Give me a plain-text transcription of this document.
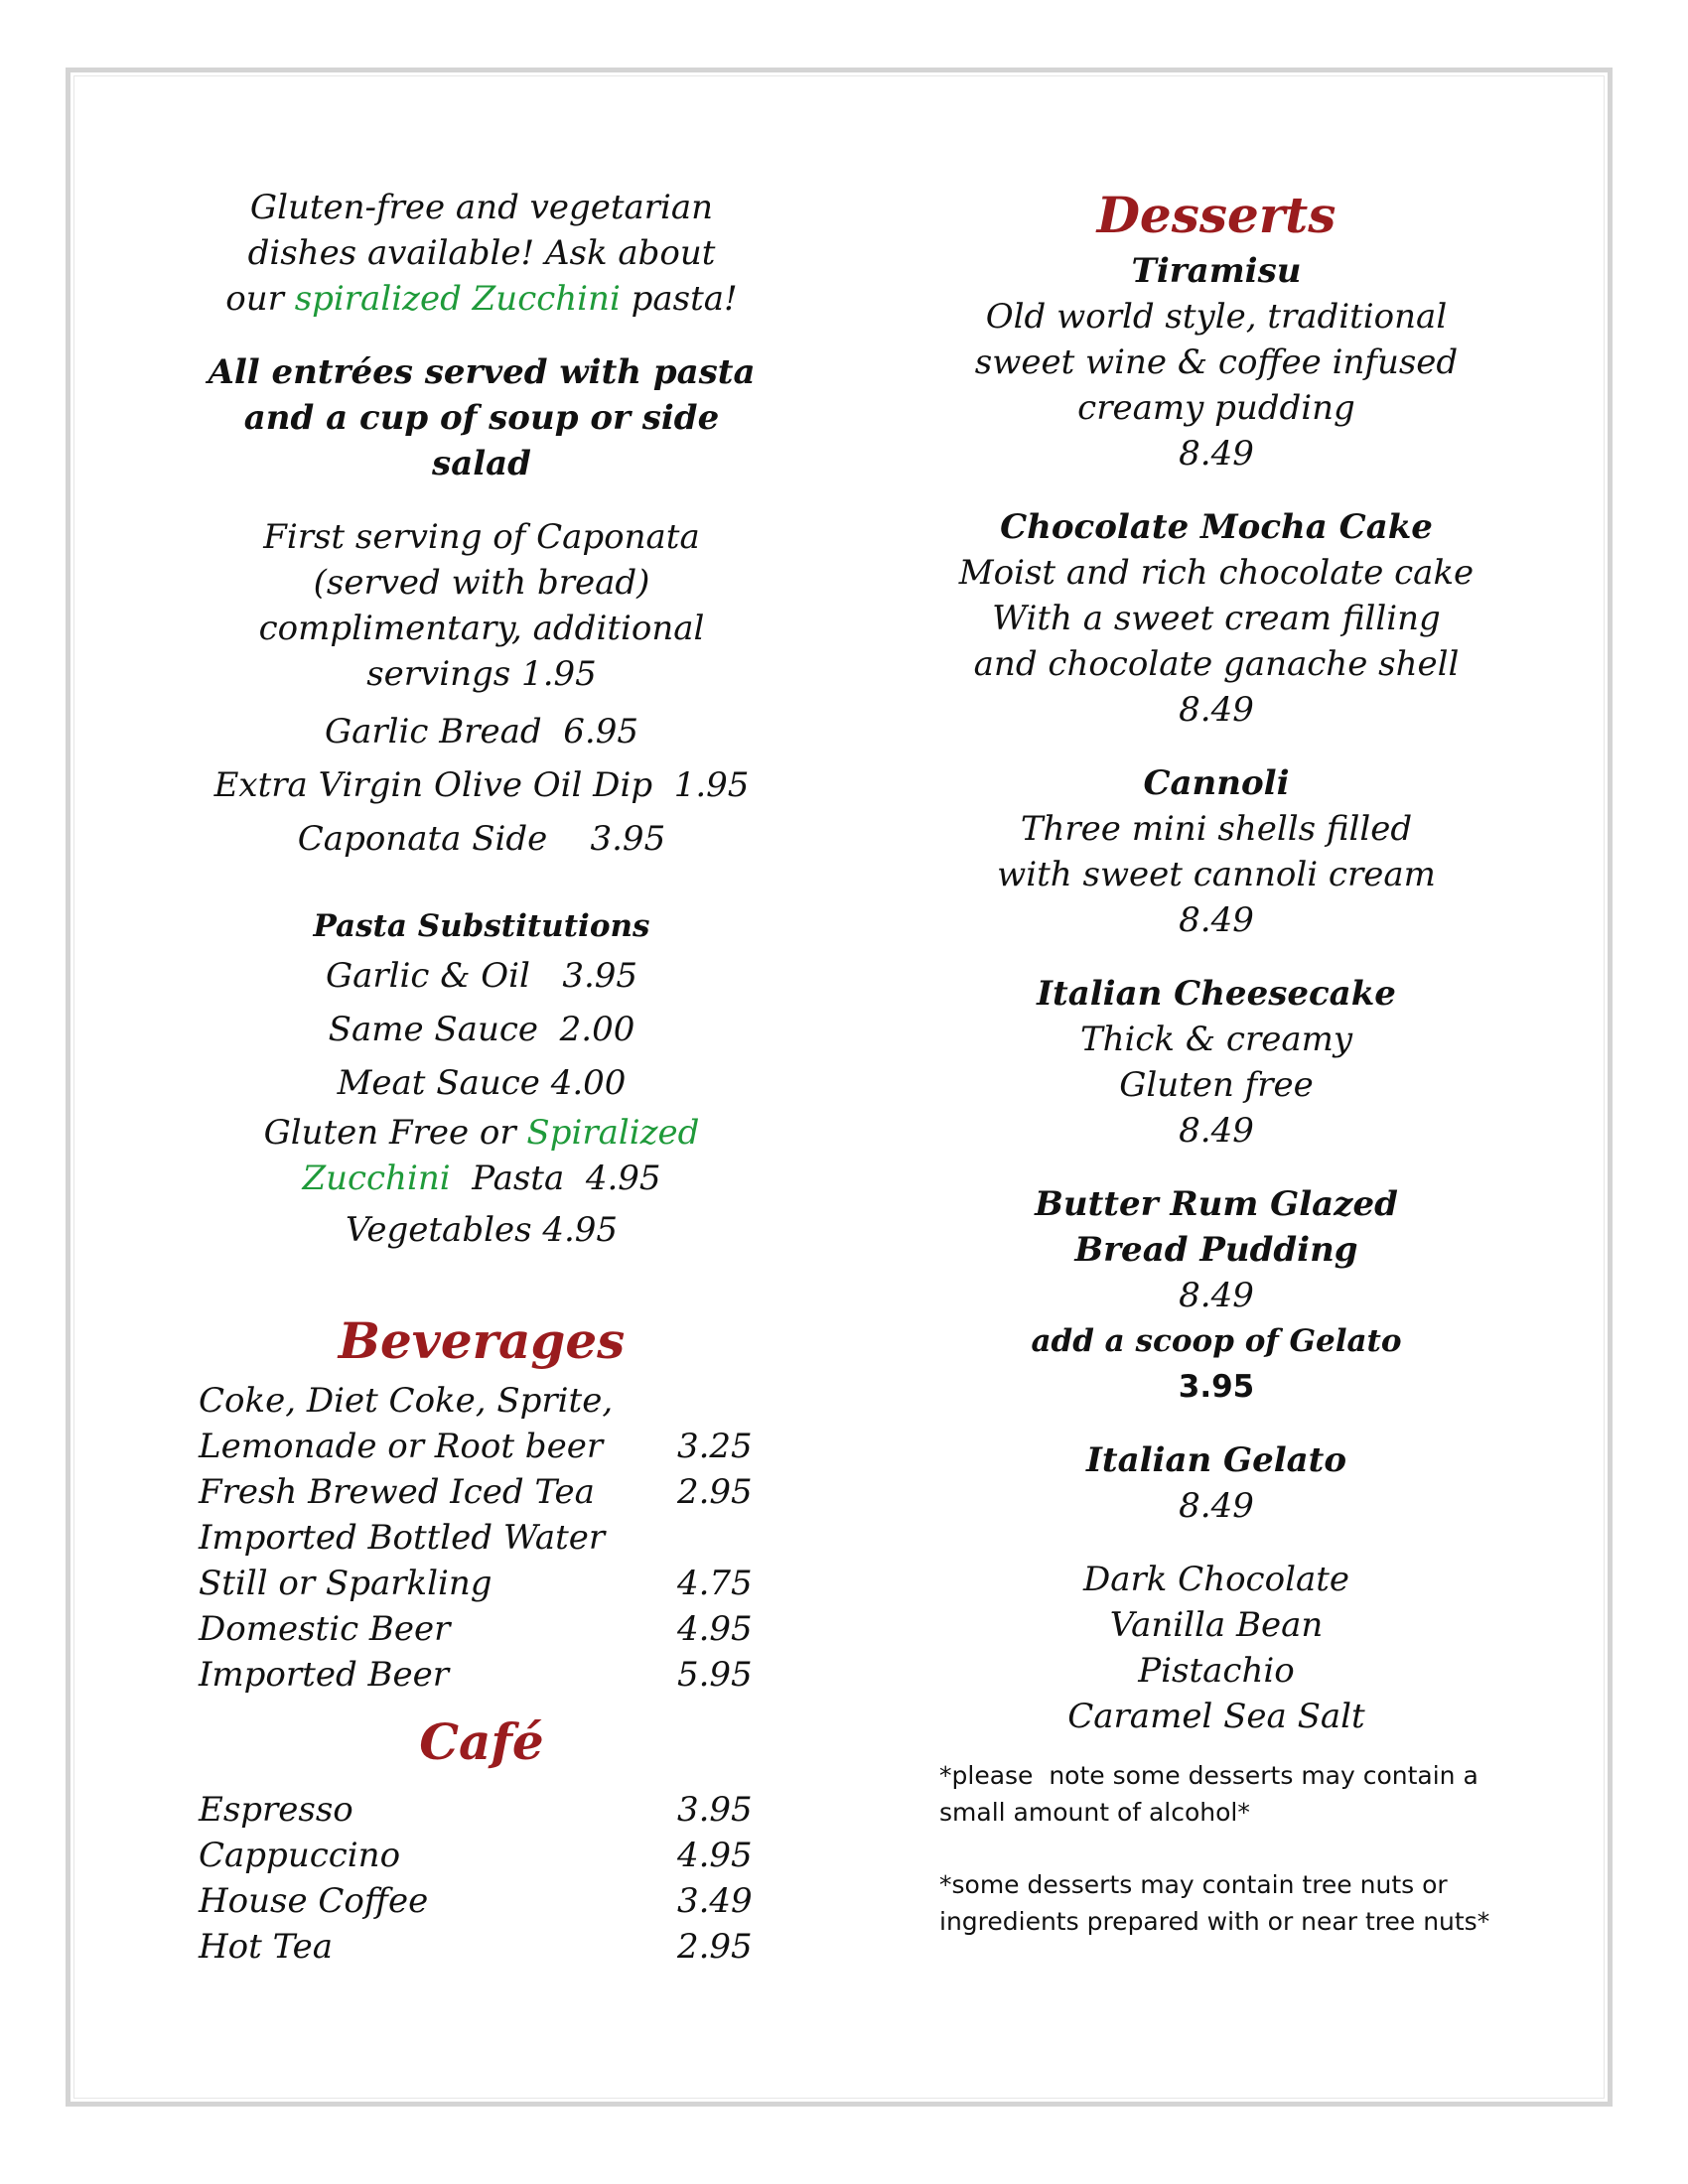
Gluten-free and vegetarian
dishes available! Ask about
our spiralized Zucchini pasta!
All entrées served with pasta
and a cup of soup or side
salad
First serving of Caponata
(served with bread)
complimentary, additional
servings 1.95
Garlic Bread  6.95
Extra Virgin Olive Oil Dip  1.95
Caponata Side    3.95
Pasta Substitutions
Garlic & Oil   3.95
Same Sauce  2.00
Meat Sauce 4.00
Gluten Free or Spiralized
Zucchini  Pasta  4.95
Vegetables 4.95
Beverages
Coke, Diet Coke, Sprite,
Lemonade or Root beer	3.25
Fresh Brewed Iced Tea	2.95
Imported Bottled Water
Still or Sparkling	4.75
Domestic Beer	4.95
Imported Beer	5.95
Café
Espresso	3.95
Cappuccino	4.95
House Coffee	3.49
Hot Tea	2.95
Desserts
Tiramisu
Old world style, traditional
sweet wine & coffee infused
creamy pudding
8.49
Chocolate Mocha Cake
Moist and rich chocolate cake
With a sweet cream filling
and chocolate ganache shell
8.49
Cannoli
Three mini shells filled
with sweet cannoli cream
8.49
Italian Cheesecake
Thick & creamy
Gluten free
8.49
Butter Rum Glazed
Bread Pudding
8.49
add a scoop of Gelato
3.95
Italian Gelato
8.49
Dark Chocolate
Vanilla Bean
Pistachio
Caramel Sea Salt
*please  note some desserts may contain a
small amount of alcohol*
*some desserts may contain tree nuts or
ingredients prepared with or near tree nuts*
